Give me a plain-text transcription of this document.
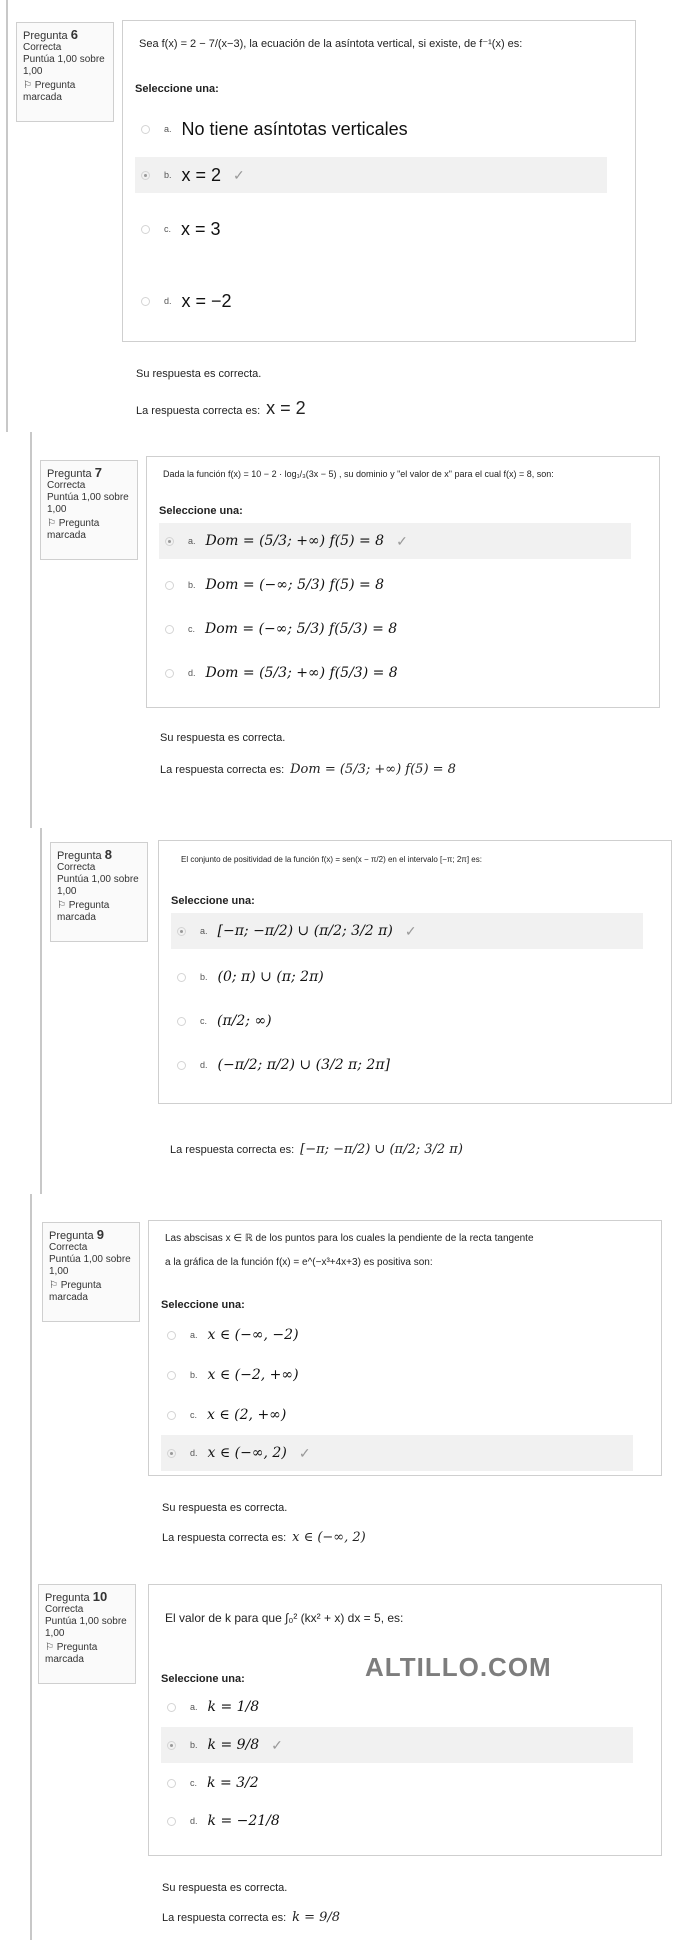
Pregunta 6
Correcta
Puntúa 1,00 sobre 1,00
⚐ Pregunta marcada
Sea f(x) = 2 − 7/(x−3), la ecuación de la asíntota vertical, si existe, de f⁻¹(x) es:
Seleccione una:
a. No tiene asíntotas verticales
b. x = 2 ✓
c. x = 3
d. x = −2
Su respuesta es correcta.
La respuesta correcta es: x = 2
Pregunta 7
Correcta
Puntúa 1,00 sobre 1,00
⚐ Pregunta marcada
Dada la función f(x) = 10 − 2 · log₁/₃(3x − 5) , su dominio y "el valor de x" para el cual f(x) = 8, son:
Seleccione una:
a. Dom = (5/3; +∞) f(5) = 8 ✓
b. Dom = (−∞; 5/3) f(5) = 8
c. Dom = (−∞; 5/3) f(5/3) = 8
d. Dom = (5/3; +∞) f(5/3) = 8
Su respuesta es correcta.
La respuesta correcta es: Dom = (5/3; +∞) f(5) = 8
Pregunta 8
Correcta
Puntúa 1,00 sobre 1,00
⚐ Pregunta marcada
El conjunto de positividad de la función f(x) = sen(x − π/2) en el intervalo [−π; 2π] es:
Seleccione una:
a. [−π; −π/2) ∪ (π/2; 3/2 π) ✓
b. (0; π) ∪ (π; 2π)
c. (π/2; ∞)
d. (−π/2; π/2) ∪ (3/2 π; 2π]
La respuesta correcta es: [−π; −π/2) ∪ (π/2; 3/2 π)
Pregunta 9
Correcta
Puntúa 1,00 sobre 1,00
⚐ Pregunta marcada
Las abscisas x ∈ ℝ de los puntos para los cuales la pendiente de la recta tangente
a la gráfica de la función f(x) = e^(−x³+4x+3) es positiva son:
Seleccione una:
a. x ∈ (−∞, −2)
b. x ∈ (−2, +∞)
c. x ∈ (2, +∞)
d. x ∈ (−∞, 2) ✓
Su respuesta es correcta.
La respuesta correcta es: x ∈ (−∞, 2)
Pregunta 10
Correcta
Puntúa 1,00 sobre 1,00
⚐ Pregunta marcada
El valor de k para que ∫₀² (kx² + x) dx = 5, es:
Seleccione una:
a. k = 1/8
b. k = 9/8 ✓
c. k = 3/2
d. k = −21/8
Su respuesta es correcta.
La respuesta correcta es: k = 9/8
ALTILLO.COM
